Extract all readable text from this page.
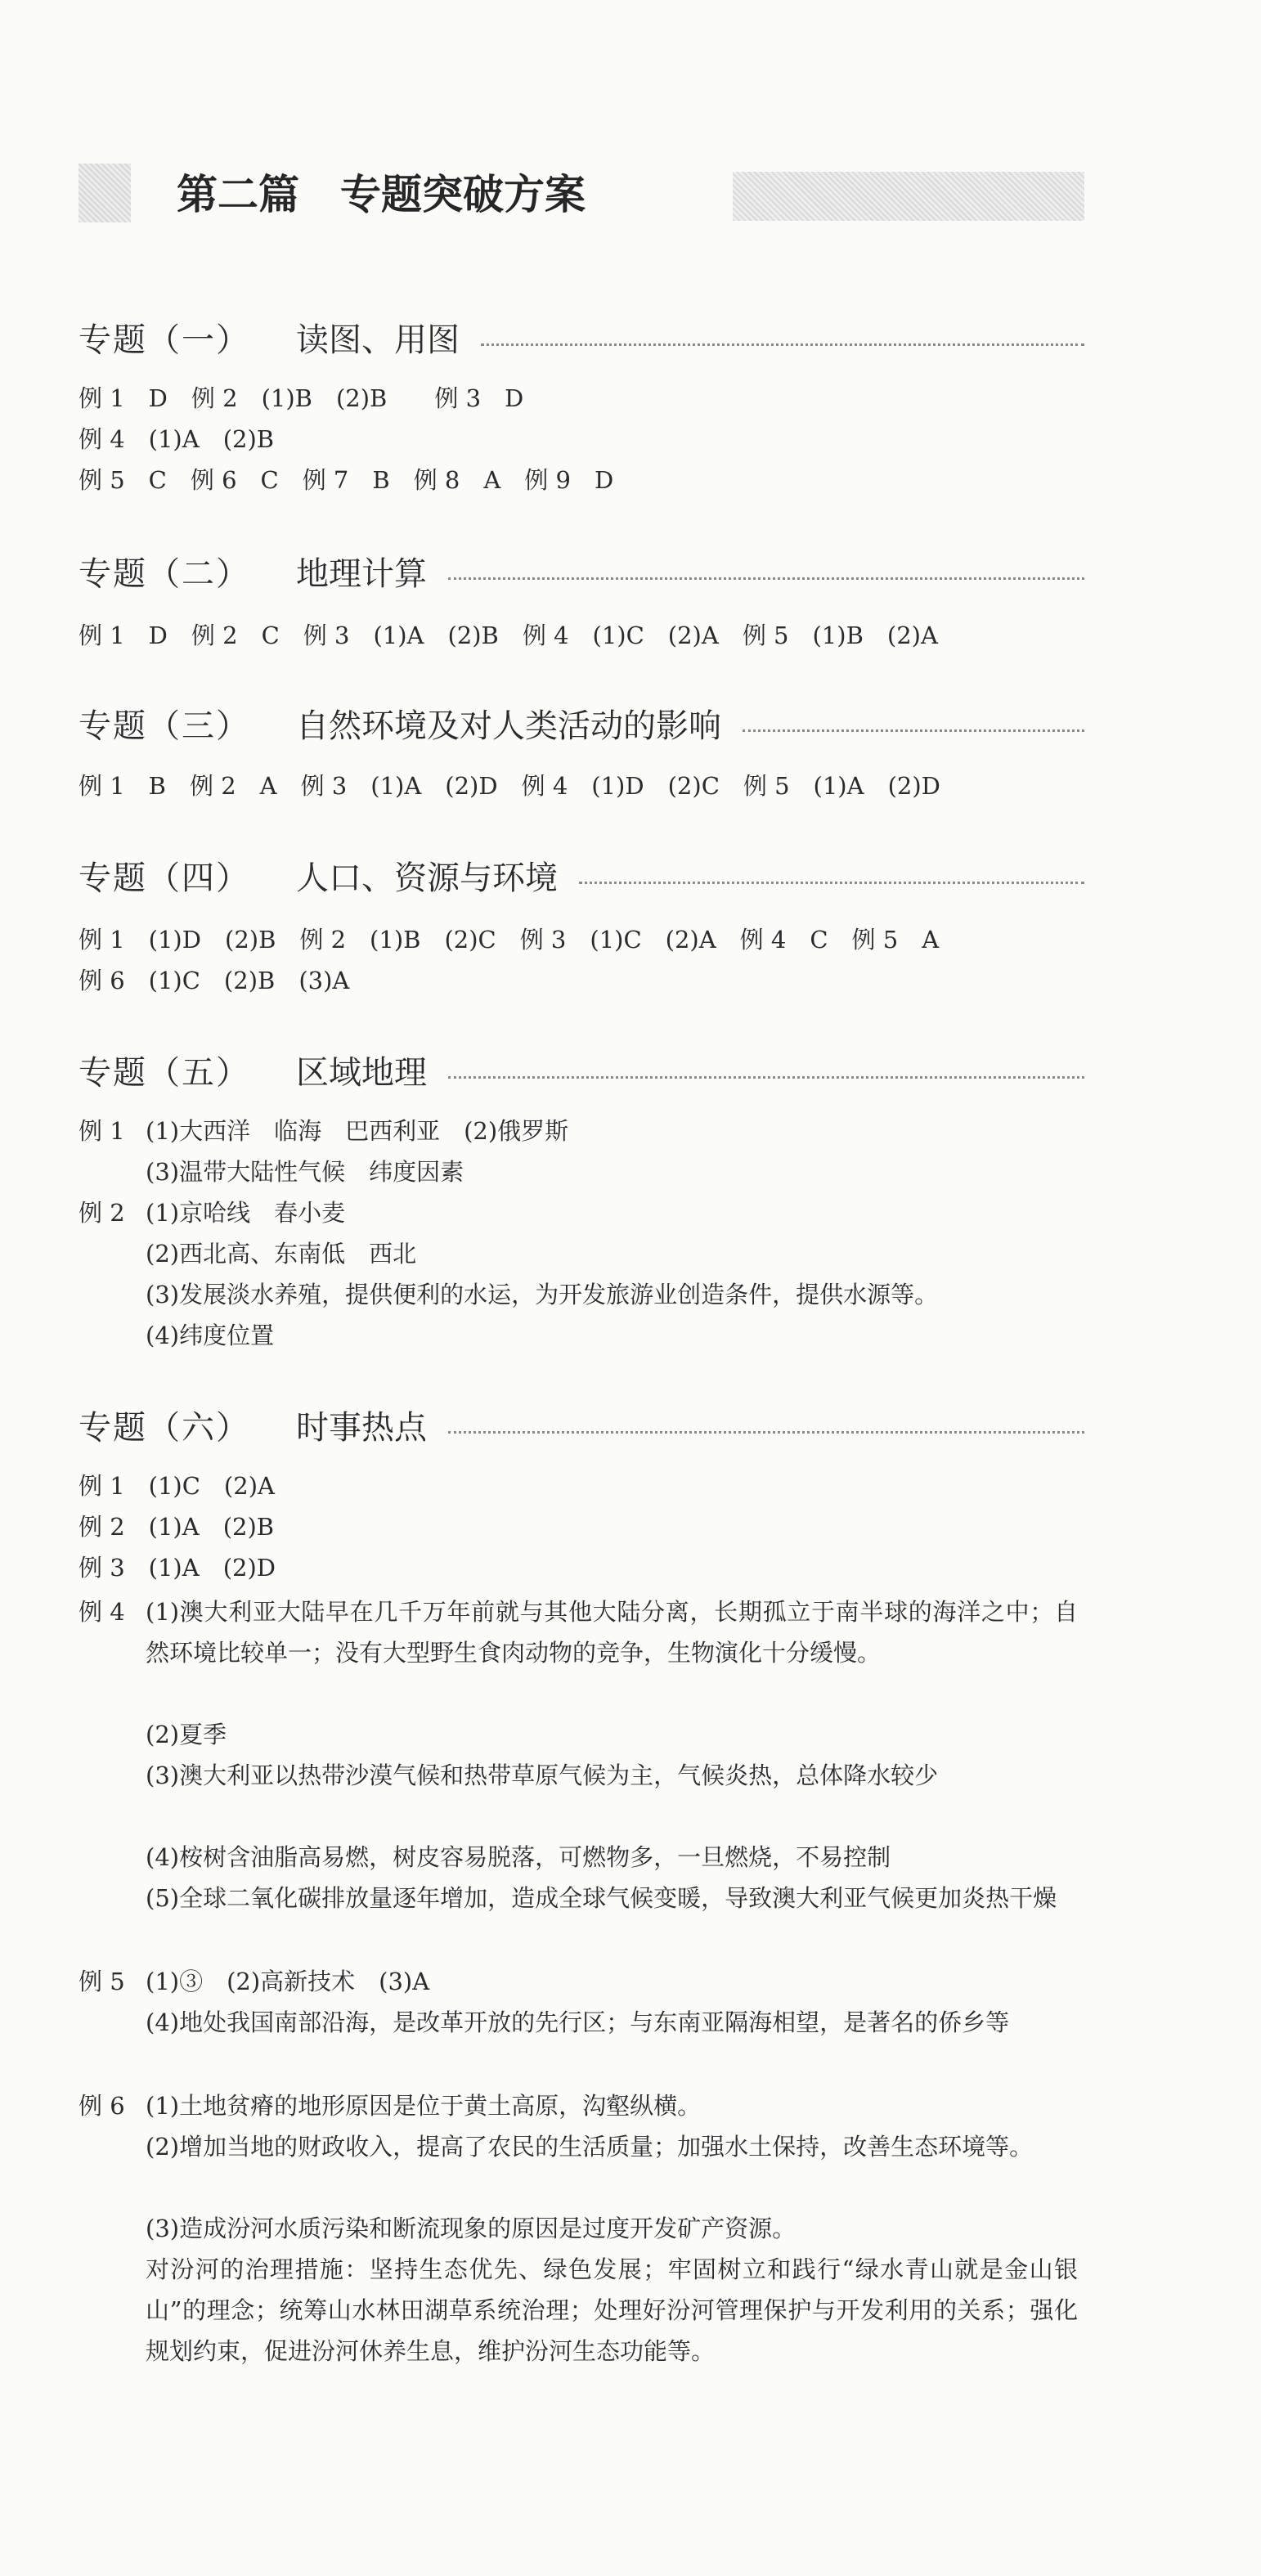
第二篇　专题突破方案
专题（一） 读图、用图
例 1　D　例 2　(1)B　(2)B　　例 3　D
例 4　(1)A　(2)B
例 5　C　例 6　C　例 7　B　例 8　A　例 9　D
专题（二） 地理计算
例 1　D　例 2　C　例 3　(1)A　(2)B　例 4　(1)C　(2)A　例 5　(1)B　(2)A
专题（三） 自然环境及对人类活动的影响
例 1　B　例 2　A　例 3　(1)A　(2)D　例 4　(1)D　(2)C　例 5　(1)A　(2)D
专题（四） 人口、资源与环境
例 1　(1)D　(2)B　例 2　(1)B　(2)C　例 3　(1)C　(2)A　例 4　C　例 5　A
例 6　(1)C　(2)B　(3)A
专题（五） 区域地理
例 1 (1)大西洋　临海　巴西利亚　(2)俄罗斯
(3)温带大陆性气候　纬度因素
例 2 (1)京哈线　春小麦
(2)西北高、东南低　西北
(3)发展淡水养殖，提供便利的水运，为开发旅游业创造条件，提供水源等。
(4)纬度位置
专题（六） 时事热点
例 1　(1)C　(2)A
例 2　(1)A　(2)B
例 3　(1)A　(2)D
例 4 (1)澳大利亚大陆早在几千万年前就与其他大陆分离，长期孤立于南半球的海洋之中；自然环境比较单一；没有大型野生食肉动物的竞争，生物演化十分缓慢。
(2)夏季
(3)澳大利亚以热带沙漠气候和热带草原气候为主，气候炎热，总体降水较少
(4)桉树含油脂高易燃，树皮容易脱落，可燃物多，一旦燃烧，不易控制
(5)全球二氧化碳排放量逐年增加，造成全球气候变暖，导致澳大利亚气候更加炎热干燥
例 5 (1)③　(2)高新技术　(3)A
(4)地处我国南部沿海，是改革开放的先行区；与东南亚隔海相望，是著名的侨乡等
例 6 (1)土地贫瘠的地形原因是位于黄土高原，沟壑纵横。
(2)增加当地的财政收入，提高了农民的生活质量；加强水土保持，改善生态环境等。
(3)造成汾河水质污染和断流现象的原因是过度开发矿产资源。
对汾河的治理措施：坚持生态优先、绿色发展；牢固树立和践行“绿水青山就是金山银山”的理念；统筹山水林田湖草系统治理；处理好汾河管理保护与开发利用的关系；强化规划约束，促进汾河休养生息，维护汾河生态功能等。
